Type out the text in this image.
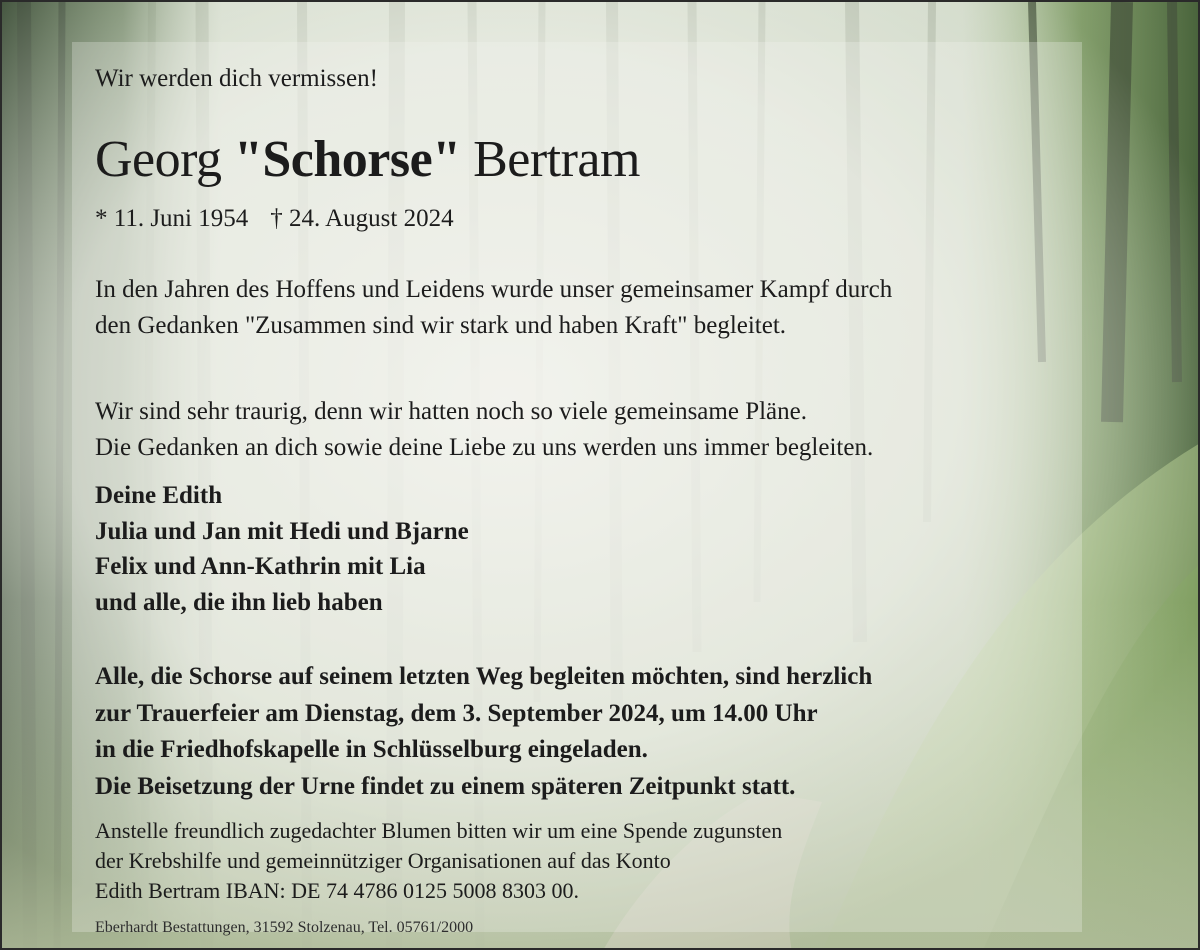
Wir werden dich vermissen!
Georg "Schorse" Bertram
* 11. Juni 1954 † 24. August 2024
In den Jahren des Hoffens und Leidens wurde unser gemeinsamer Kampf durch
den Gedanken "Zusammen sind wir stark und haben Kraft" begleitet.
Wir sind sehr traurig, denn wir hatten noch so viele gemeinsame Pläne.
Die Gedanken an dich sowie deine Liebe zu uns werden uns immer begleiten.
Deine Edith
Julia und Jan mit Hedi und Bjarne
Felix und Ann-Kathrin mit Lia
und alle, die ihn lieb haben
Alle, die Schorse auf seinem letzten Weg begleiten möchten, sind herzlich
zur Trauerfeier am Dienstag, dem 3. September 2024, um 14.00 Uhr
in die Friedhofskapelle in Schlüsselburg eingeladen.
Die Beisetzung der Urne findet zu einem späteren Zeitpunkt statt.
Anstelle freundlich zugedachter Blumen bitten wir um eine Spende zugunsten
der Krebshilfe und gemeinnütziger Organisationen auf das Konto
Edith Bertram IBAN: DE 74 4786 0125 5008 8303 00.
Eberhardt Bestattungen, 31592 Stolzenau, Tel. 05761/2000
